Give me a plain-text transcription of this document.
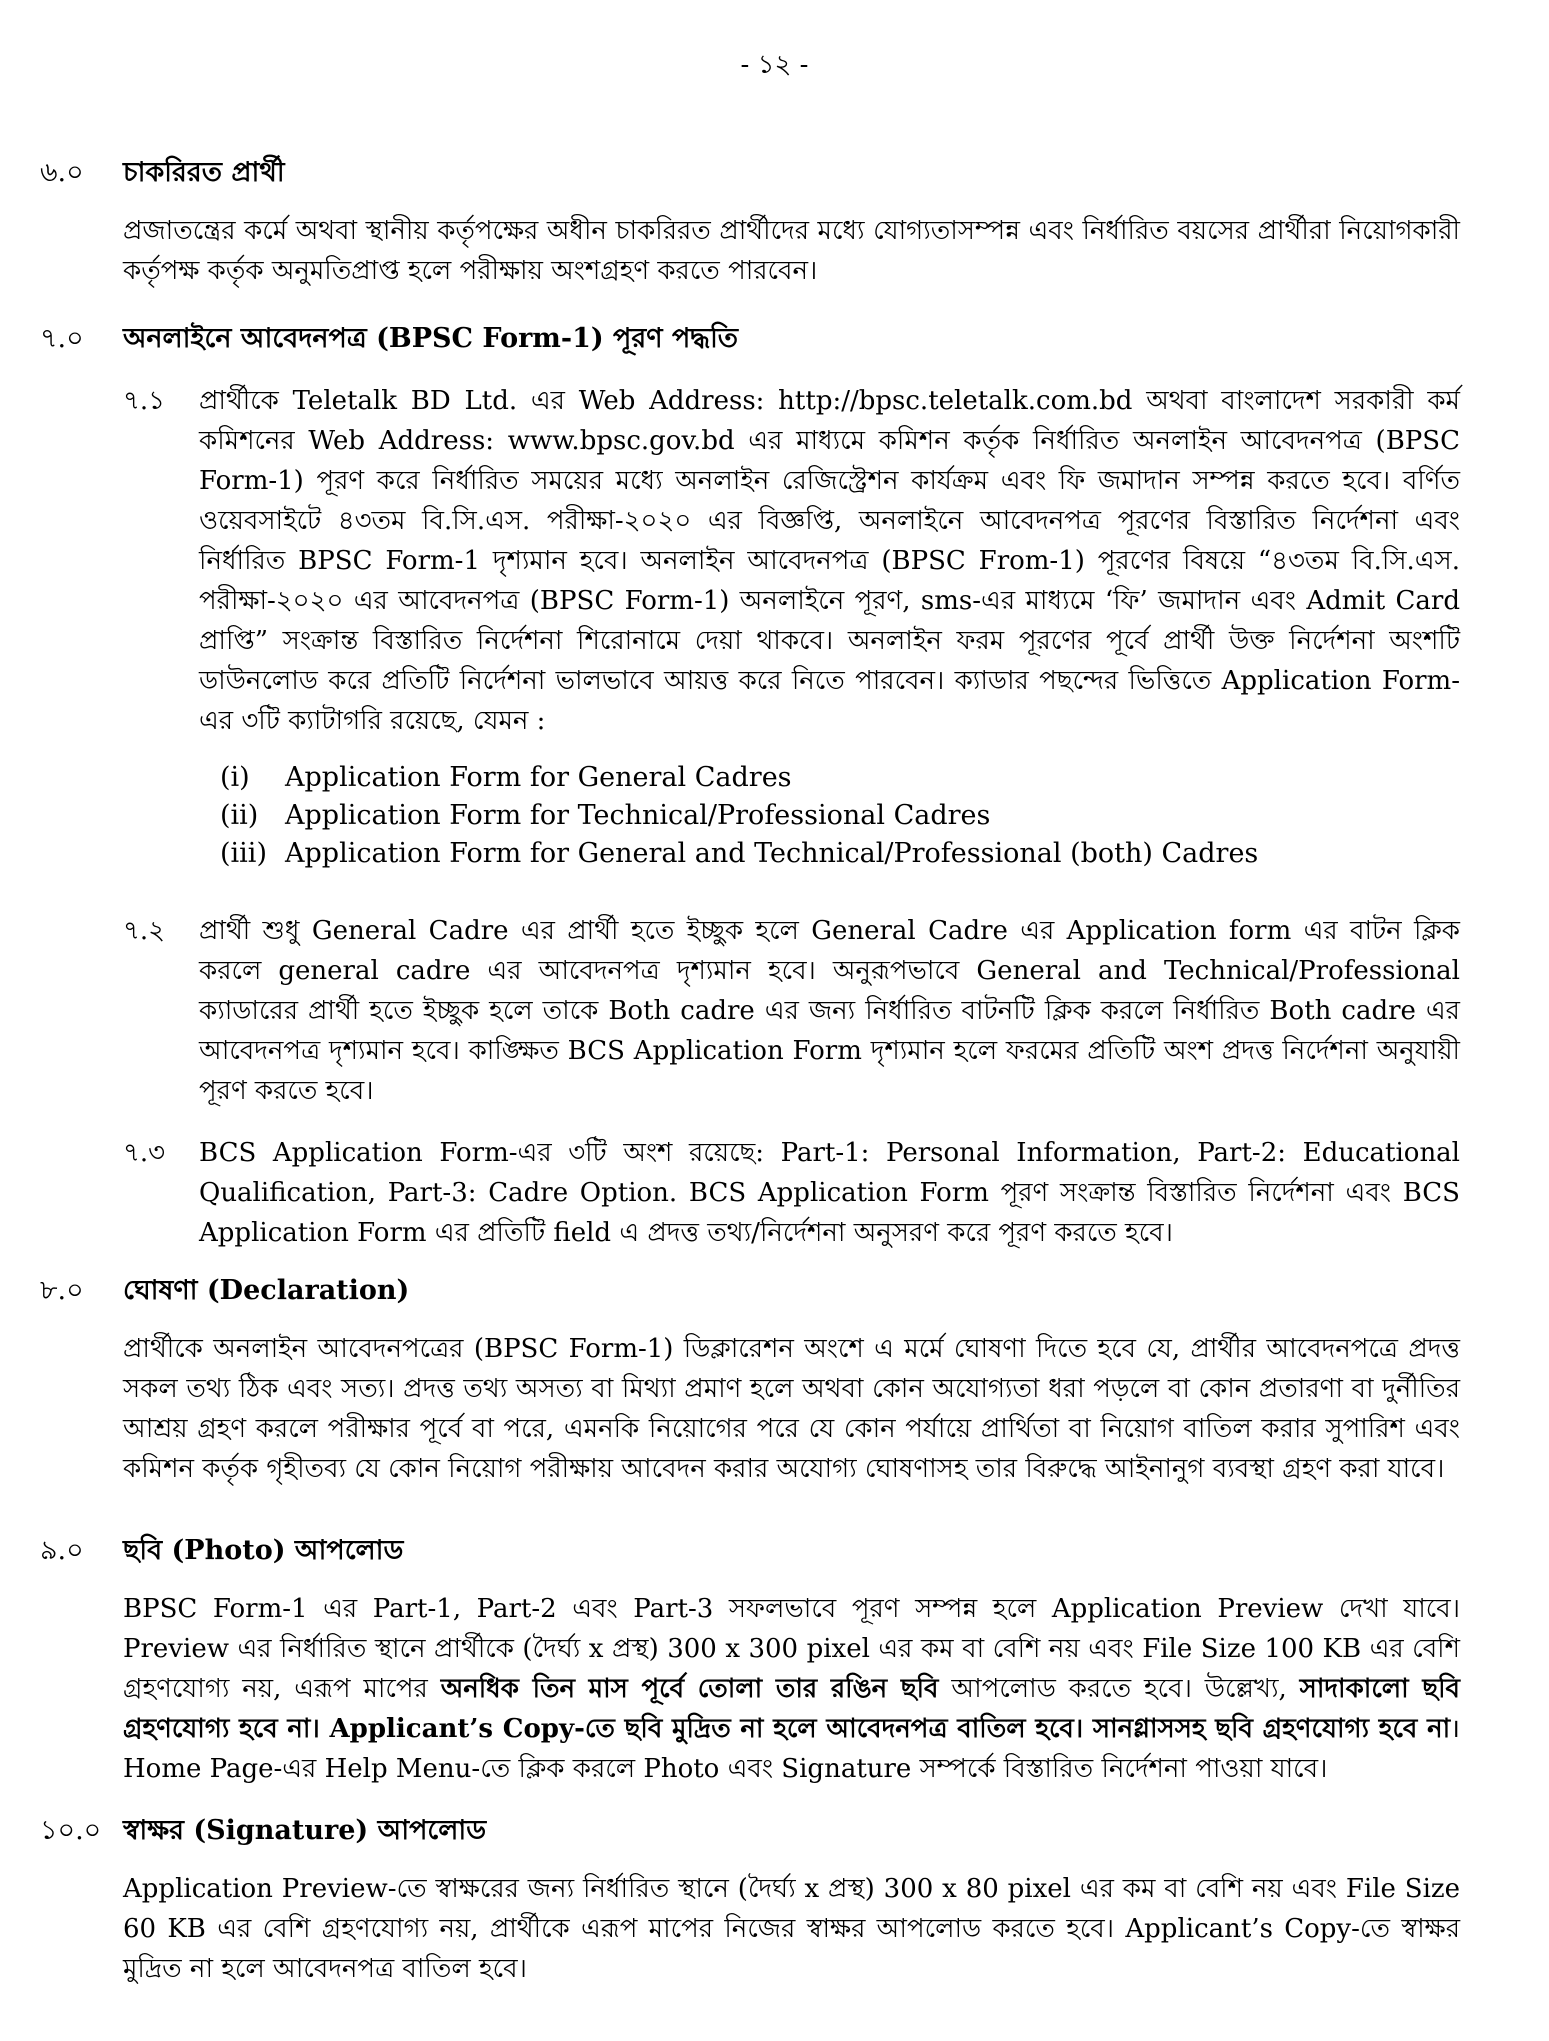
- ১২ -
৬.০	চাকরিরত প্রার্থী
প্রজাতন্ত্রের কর্মে অথবা স্থানীয় কর্তৃপক্ষের অধীন চাকরিরত প্রার্থীদের মধ্যে যোগ্যতাসম্পন্ন এবং নির্ধারিত বয়সের প্রার্থীরা নিয়োগকারী কর্তৃপক্ষ কর্তৃক অনুমতিপ্রাপ্ত হলে পরীক্ষায় অংশগ্রহণ করতে পারবেন।
৭.০	অনলাইনে আবেদনপত্র (BPSC Form-1) পূরণ পদ্ধতি
৭.১	প্রার্থীকে Teletalk BD Ltd. এর Web Address: http://bpsc.teletalk.com.bd অথবা বাংলাদেশ সরকারী কর্ম কমিশনের Web Address: www.bpsc.gov.bd এর মাধ্যমে কমিশন কর্তৃক নির্ধারিত অনলাইন আবেদনপত্র (BPSC Form-1) পূরণ করে নির্ধারিত সময়ের মধ্যে অনলাইন রেজিস্ট্রেশন কার্যক্রম এবং ফি জমাদান সম্পন্ন করতে হবে। বর্ণিত ওয়েবসাইটে ৪৩তম বি.সি.এস. পরীক্ষা-২০২০ এর বিজ্ঞপ্তি, অনলাইনে আবেদনপত্র পূরণের বিস্তারিত নির্দেশনা এবং নির্ধারিত BPSC Form-1 দৃশ্যমান হবে। অনলাইন আবেদনপত্র (BPSC From-1) পূরণের বিষয়ে “৪৩তম বি.সি.এস. পরীক্ষা-২০২০ এর আবেদনপত্র (BPSC Form-1) অনলাইনে পূরণ, sms-এর মাধ্যমে ‘ফি’ জমাদান এবং Admit Card প্রাপ্তি” সংক্রান্ত বিস্তারিত নির্দেশনা শিরোনামে দেয়া থাকবে। অনলাইন ফরম পূরণের পূর্বে প্রার্থী উক্ত নির্দেশনা অংশটি ডাউনলোড করে প্রতিটি নির্দেশনা ভালভাবে আয়ত্ত করে নিতে পারবেন। ক্যাডার পছন্দের ভিত্তিতে Application Form-এর ৩টি ক্যাটাগরি রয়েছে, যেমন :
(i)	Application Form for General Cadres
(ii) Application Form for Technical/Professional Cadres
(iii) Application Form for General and Technical/Professional (both) Cadres
৭.২	প্রার্থী শুধু General Cadre এর প্রার্থী হতে ইচ্ছুক হলে General Cadre এর Application form এর বাটন ক্লিক করলে general cadre এর আবেদনপত্র দৃশ্যমান হবে। অনুরূপভাবে General and Technical/Professional ক্যাডারের প্রার্থী হতে ইচ্ছুক হলে তাকে Both cadre এর জন্য নির্ধারিত বাটনটি ক্লিক করলে নির্ধারিত Both cadre এর আবেদনপত্র দৃশ্যমান হবে। কাঙ্ক্ষিত BCS Application Form দৃশ্যমান হলে ফরমের প্রতিটি অংশ প্রদত্ত নির্দেশনা অনুযায়ী পূরণ করতে হবে।
৭.৩	BCS Application Form-এর ৩টি অংশ রয়েছে: Part-1: Personal Information, Part-2: Educational Qualification, Part-3: Cadre Option. BCS Application Form পূরণ সংক্রান্ত বিস্তারিত নির্দেশনা এবং BCS Application Form এর প্রতিটি field এ প্রদত্ত তথ্য/নির্দেশনা অনুসরণ করে পূরণ করতে হবে।
৮.০	ঘোষণা (Declaration)
প্রার্থীকে অনলাইন আবেদনপত্রের (BPSC Form-1) ডিক্লারেশন অংশে এ মর্মে ঘোষণা দিতে হবে যে, প্রার্থীর আবেদনপত্রে প্রদত্ত সকল তথ্য ঠিক এবং সত্য। প্রদত্ত তথ্য অসত্য বা মিথ্যা প্রমাণ হলে অথবা কোন অযোগ্যতা ধরা পড়লে বা কোন প্রতারণা বা দুর্নীতির আশ্রয় গ্রহণ করলে পরীক্ষার পূর্বে বা পরে, এমনকি নিয়োগের পরে যে কোন পর্যায়ে প্রার্থিতা বা নিয়োগ বাতিল করার সুপারিশ এবং কমিশন কর্তৃক গৃহীতব্য যে কোন নিয়োগ পরীক্ষায় আবেদন করার অযোগ্য ঘোষণাসহ তার বিরুদ্ধে আইনানুগ ব্যবস্থা গ্রহণ করা যাবে।
৯.০	ছবি (Photo) আপলোড
BPSC Form-1 এর Part-1, Part-2 এবং Part-3 সফলভাবে পূরণ সম্পন্ন হলে Application Preview দেখা যাবে। Preview এর নির্ধারিত স্থানে প্রার্থীকে (দৈর্ঘ্য x প্রস্থ) 300 x 300 pixel এর কম বা বেশি নয় এবং File Size 100 KB এর বেশি গ্রহণযোগ্য নয়, এরূপ মাপের অনধিক তিন মাস পূর্বে তোলা তার রঙিন ছবি আপলোড করতে হবে। উল্লেখ্য, সাদাকালো ছবি গ্রহণযোগ্য হবে না। Applicant’s Copy-তে ছবি মুদ্রিত না হলে আবেদনপত্র বাতিল হবে। সানগ্লাসসহ ছবি গ্রহণযোগ্য হবে না। Home Page-এর Help Menu-তে ক্লিক করলে Photo এবং Signature সম্পর্কে বিস্তারিত নির্দেশনা পাওয়া যাবে।
১০.০ স্বাক্ষর (Signature) আপলোড
Application Preview-তে স্বাক্ষরের জন্য নির্ধারিত স্থানে (দৈর্ঘ্য x প্রস্থ) 300 x 80 pixel এর কম বা বেশি নয় এবং File Size 60 KB এর বেশি গ্রহণযোগ্য নয়, প্রার্থীকে এরূপ মাপের নিজের স্বাক্ষর আপলোড করতে হবে। Applicant’s Copy-তে স্বাক্ষর মুদ্রিত না হলে আবেদনপত্র বাতিল হবে।
